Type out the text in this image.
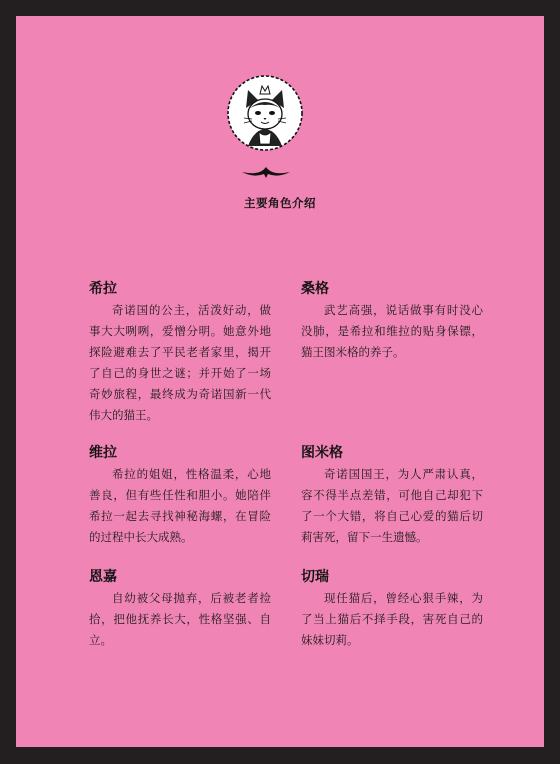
主要角色介绍
希拉
奇诺国的公主，活泼好动，做事大大咧咧，爱憎分明。她意外地探险避难去了平民老者家里，揭开了自己的身世之谜；并开始了一场奇妙旅程，最终成为奇诺国新一代伟大的猫王。
桑格
武艺高强，说话做事有时没心没肺，是希拉和维拉的贴身保镖，猫王图米格的养子。
维拉
希拉的姐姐，性格温柔，心地善良，但有些任性和胆小。她陪伴希拉一起去寻找神秘海螺，在冒险的过程中长大成熟。
图米格
奇诺国国王，为人严肃认真，容不得半点差错，可他自己却犯下了一个大错，将自己心爱的猫后切莉害死，留下一生遗憾。
恩嘉
自幼被父母抛弃，后被老者捡拾，把他抚养长大，性格坚强、自立。
切瑞
现任猫后，曾经心狠手辣，为了当上猫后不择手段，害死自己的妹妹切莉。
